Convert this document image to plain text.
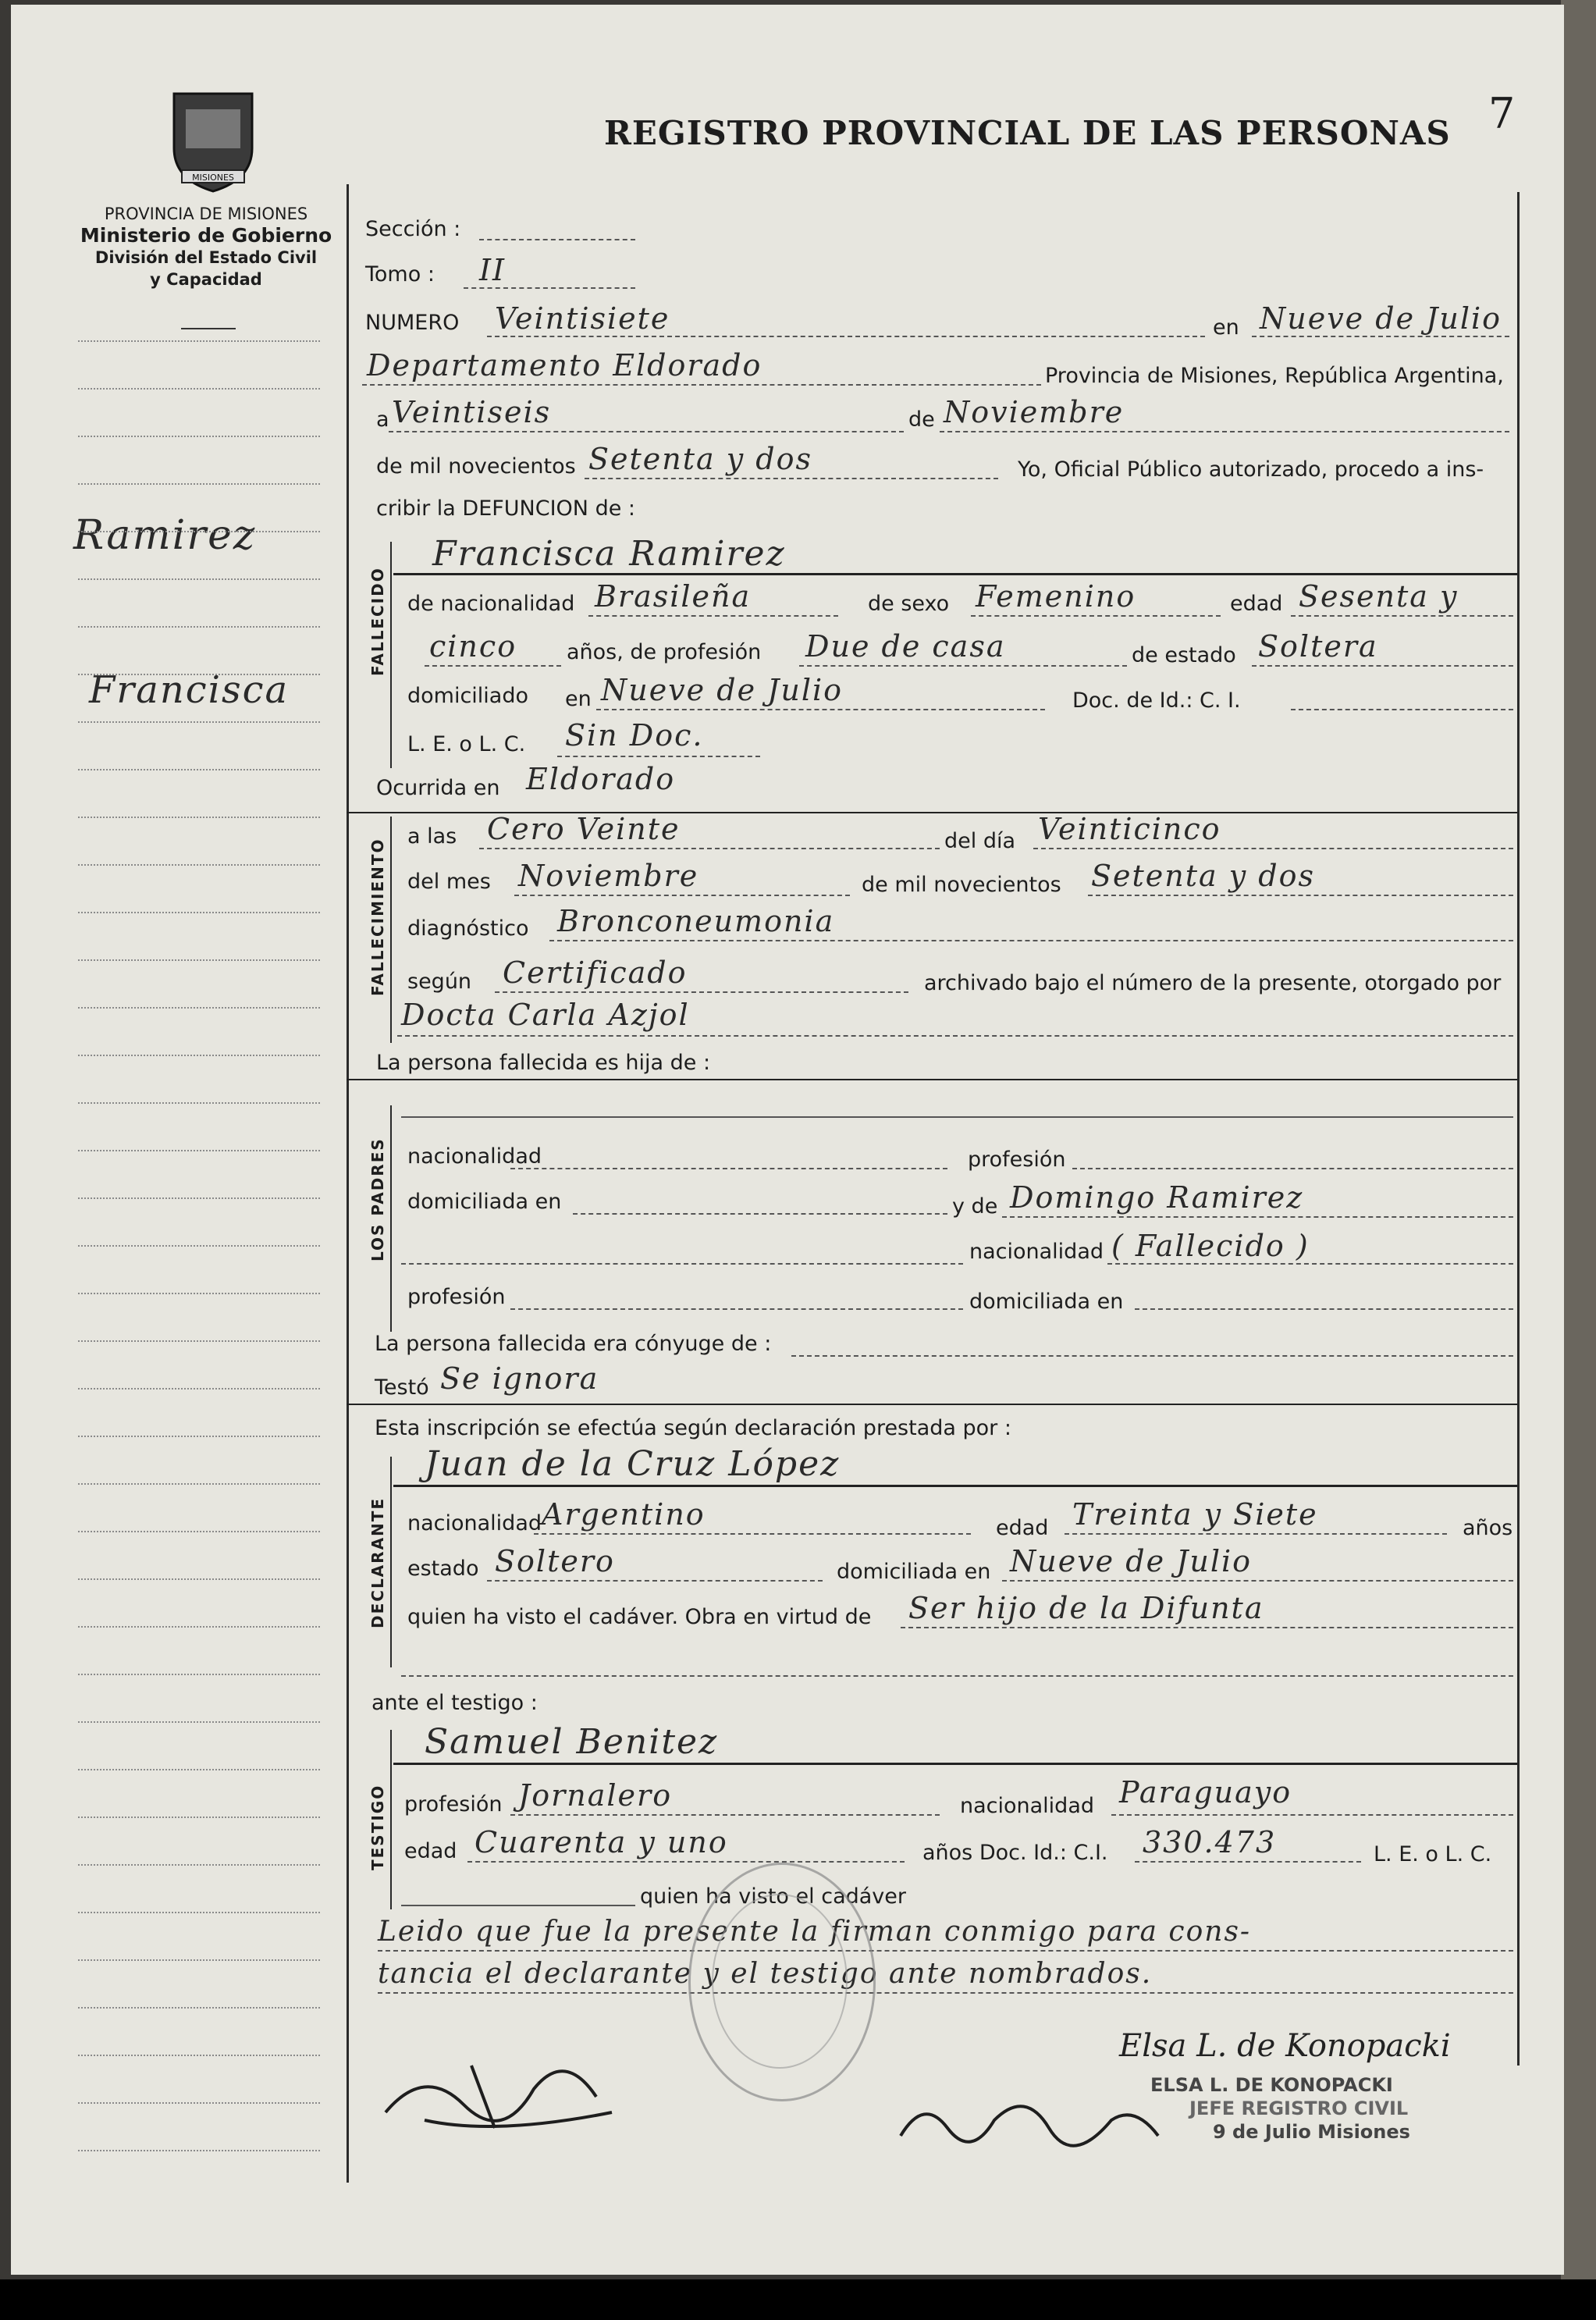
MISIONES
PROVINCIA DE MISIONES
Ministerio de Gobierno
División del Estado Civil
y Capacidad
REGISTRO PROVINCIAL DE LAS PERSONAS 7
Ramirez
Francisca
Sección :
Tomo : II
NUMERO Veintisiete	en Nueve de Julio
Departamento Eldorado	Provincia de Misiones, República Argentina,
a Veintiseis	de Noviembre
de mil novecientos Setenta y dos	Yo, Oficial Público autorizado, procedo a ins-
cribir la DEFUNCION de :
FALLECIDO
Francisca Ramirez
de nacionalidad Brasileña	de sexo Femenino	edad Sesenta y
cinco años, de profesión Due de casa	de estado Soltera
domiciliado en Nueve de Julio	Doc. de Id.: C. I.
L. E. o L. C. Sin Doc.
Ocurrida en Eldorado
FALLECIMIENTO
a las Cero Veinte	del día Veinticinco
del mes Noviembre	de mil novecientos Setenta y dos
diagnóstico Bronconeumonia
según Certificado	archivado bajo el número de la presente, otorgado por
Docta Carla Azjol
La persona fallecida es hija de :
LOS PADRES nacionalidad	profesión
domiciliada en	y de Domingo Ramirez
nacionalidad ( Fallecido )
profesión	domiciliada en
La persona fallecida era cónyuge de :
Testó Se ignora
Esta inscripción se efectúa según declaración prestada por :
DECLARANTE
Juan de la Cruz López
nacionalidad Argentino	edad Treinta y Siete	años
estado Soltero	domiciliada en Nueve de Julio
quien ha visto el cadáver. Obra en virtud de Ser hijo de la Difunta
ante el testigo :
TESTIGO
Samuel Benitez
profesión Jornalero	nacionalidad Paraguayo
edad Cuarenta y uno	años Doc. Id.: C.I. 330.473	L. E. o L. C.
quien ha visto el cadáver
Leido que fue la presente la firman conmigo para cons-
tancia el declarante y el testigo ante nombrados.
Elsa L. de Konopacki
ELSA L. DE KONOPACKI
JEFE REGISTRO CIVIL
9 de Julio Misiones
